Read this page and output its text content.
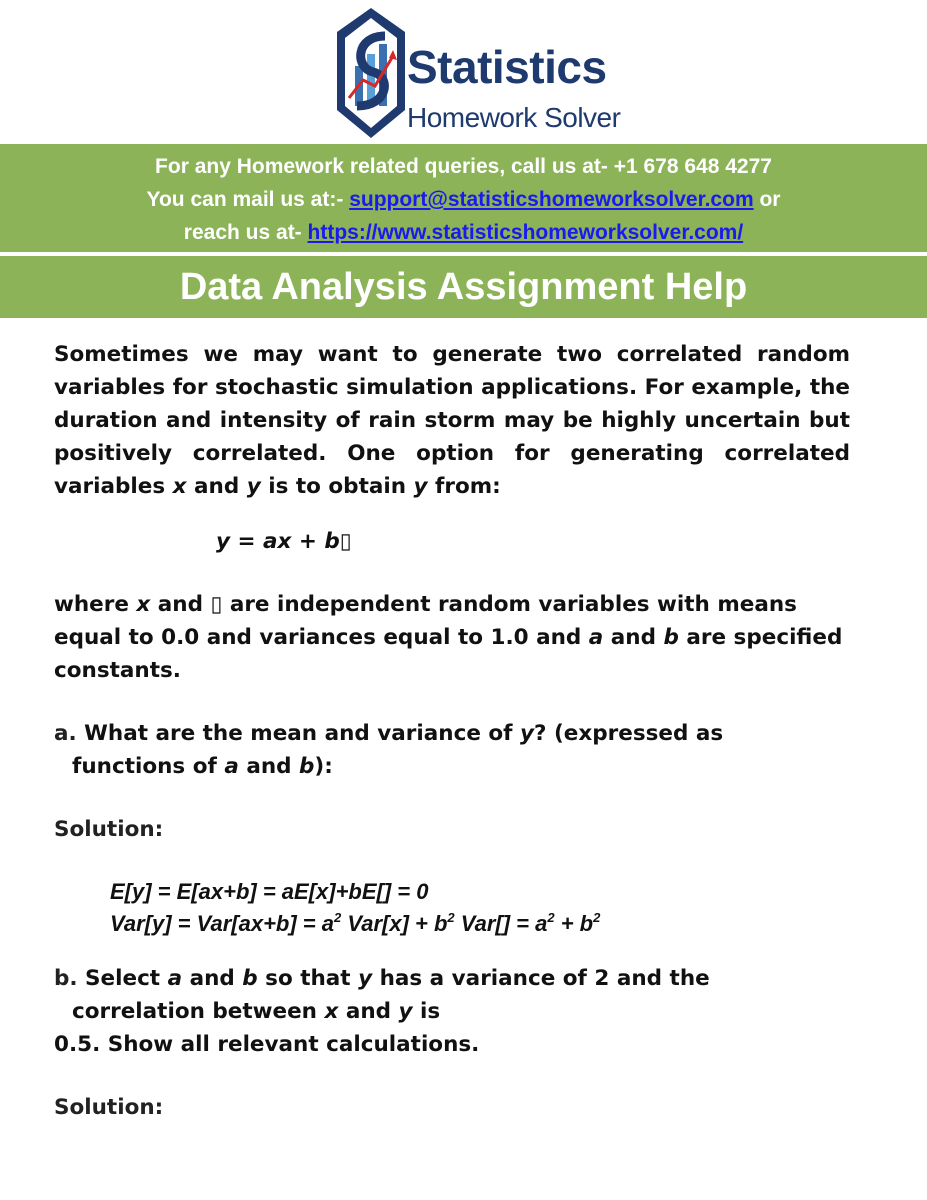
Statistics
Homework Solver
For any Homework related queries, call us at- +1 678 648 4277
You can mail us at:- support@statisticshomeworksolver.com or
reach us at- https://www.statisticshomeworksolver.com/
Data Analysis Assignment Help

Sometimes we may want to generate two correlated random variables for stochastic simulation applications. For example, the duration and intensity of rain storm may be highly uncertain but positively correlated. One option for generating correlated variables x and y is to obtain y from:

y = ax + b▯

where x and ▯ are independent random variables with means equal to 0.0 and variances equal to 1.0 and a and b are specified constants.

a. What are the mean and variance of y? (expressed as

functions of a and b):

Solution:

E[y] = E[ax+b] = aE[x]+bE[] = 0

$Var[y] = Var[ax+b] = a^2$ $Var[x] + b^2$ $Var[] = a^2 + b^2$

b. Select a and b so that y has a variance of 2 and the

correlation between x and y is

0.5. Show all relevant calculations.

Solution:
